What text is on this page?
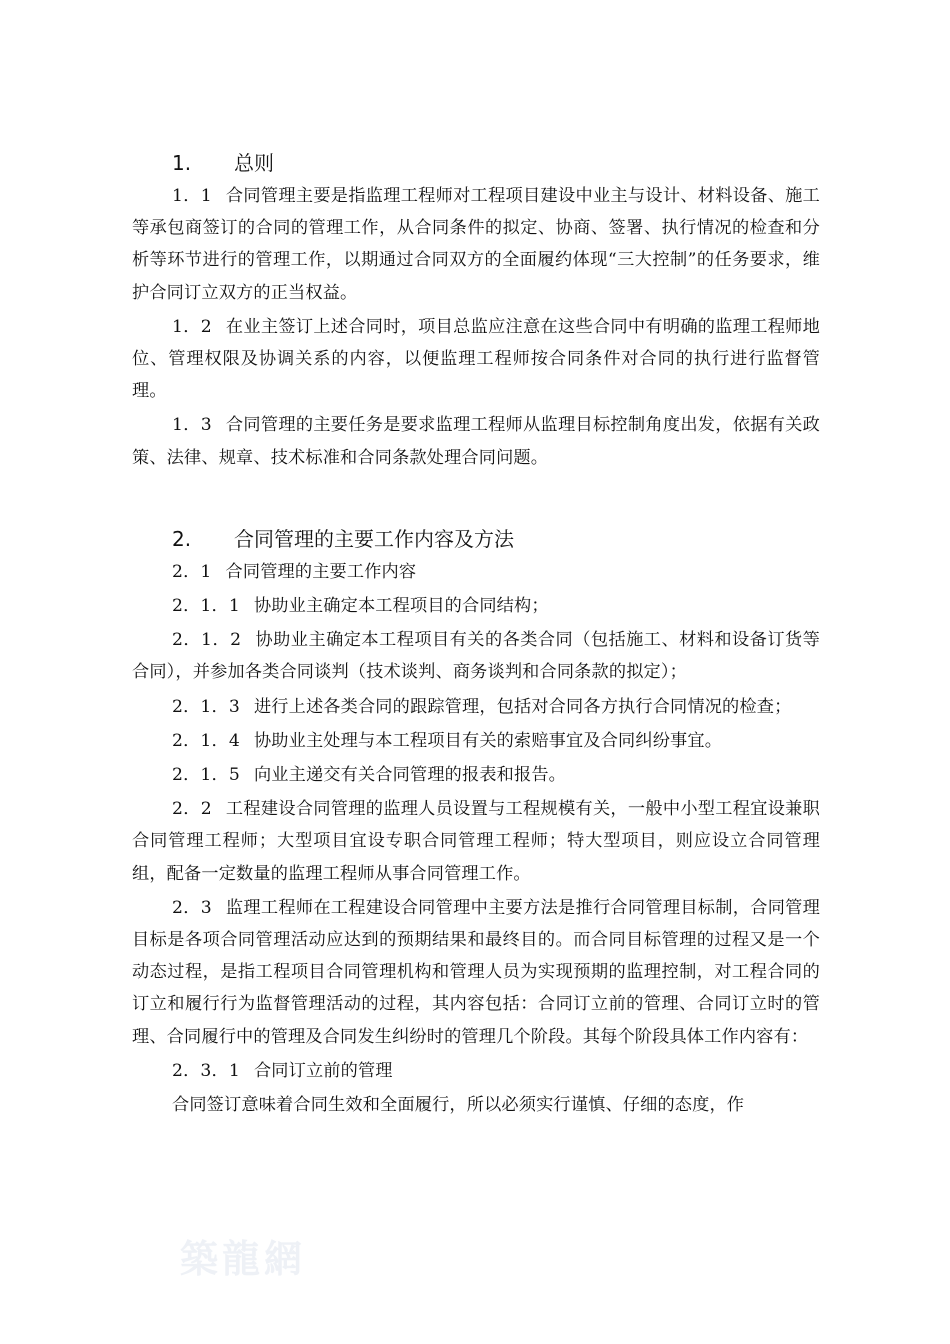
1. 总则

1．1 合同管理主要是指监理工程师对工程项目建设中业主与设计、材料设备、施工等承包商签订的合同的管理工作，从合同条件的拟定、协商、签署、执行情况的检查和分析等环节进行的管理工作，以期通过合同双方的全面履约体现“三大控制”的任务要求，维护合同订立双方的正当权益。

1．2 在业主签订上述合同时，项目总监应注意在这些合同中有明确的监理工程师地位、管理权限及协调关系的内容，以便监理工程师按合同条件对合同的执行进行监督管理。

1．3 合同管理的主要任务是要求监理工程师从监理目标控制角度出发，依据有关政策、法律、规章、技术标准和合同条款处理合同问题。

2. 合同管理的主要工作内容及方法

2．1 合同管理的主要工作内容

2．1．1 协助业主确定本工程项目的合同结构；

2．1．2 协助业主确定本工程项目有关的各类合同（包括施工、材料和设备订货等合同），并参加各类合同谈判（技术谈判、商务谈判和合同条款的拟定）；

2．1．3 进行上述各类合同的跟踪管理，包括对合同各方执行合同情况的检查；

2．1．4 协助业主处理与本工程项目有关的索赔事宜及合同纠纷事宜。

2．1．5 向业主递交有关合同管理的报表和报告。

2．2 工程建设合同管理的监理人员设置与工程规模有关，一般中小型工程宜设兼职合同管理工程师；大型项目宜设专职合同管理工程师；特大型项目，则应设立合同管理组，配备一定数量的监理工程师从事合同管理工作。

2．3 监理工程师在工程建设合同管理中主要方法是推行合同管理目标制，合同管理目标是各项合同管理活动应达到的预期结果和最终目的。而合同目标管理的过程又是一个动态过程，是指工程项目合同管理机构和管理人员为实现预期的监理控制，对工程合同的订立和履行行为监督管理活动的过程，其内容包括：合同订立前的管理、合同订立时的管理、合同履行中的管理及合同发生纠纷时的管理几个阶段。其每个阶段具体工作内容有：

2．3．1 合同订立前的管理

合同签订意味着合同生效和全面履行，所以必须实行谨慎、仔细的态度，作

築龍網
